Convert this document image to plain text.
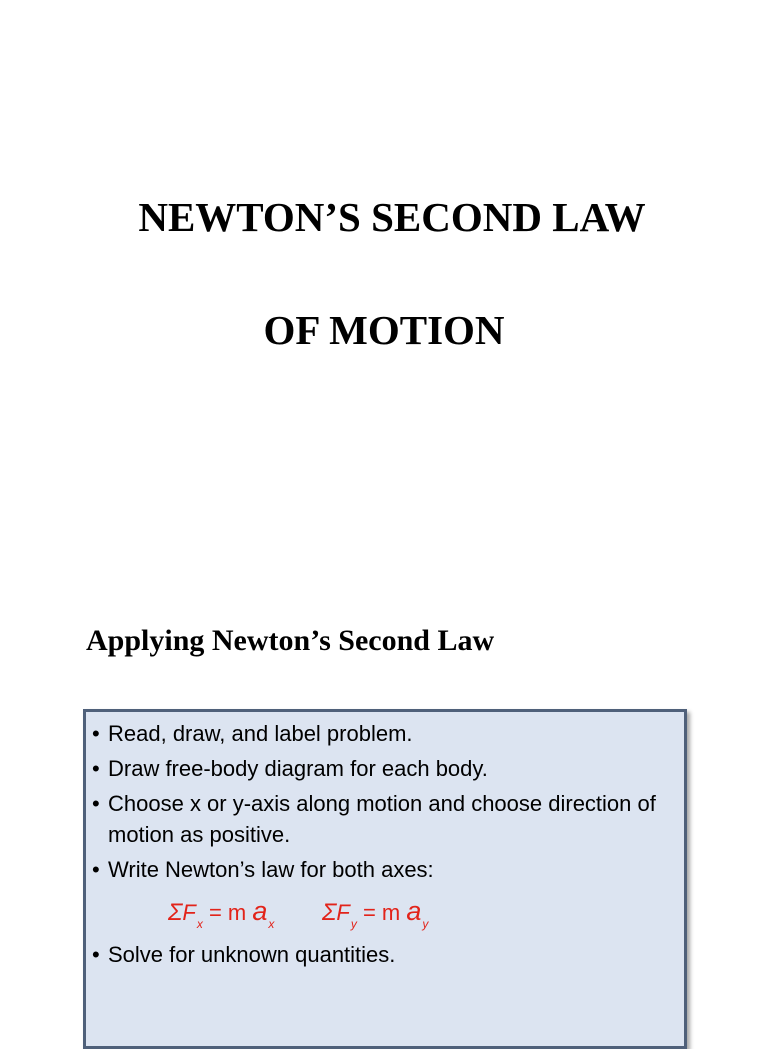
NEWTON’S SECOND LAW
OF MOTION
Applying Newton’s Second Law
• Read, draw, and label problem.
• Draw free-body diagram for each body.
• Choose x or y-axis along motion and choose direction of motion as positive.
• Write Newton’s law for both axes:
$\Sigma F_x = m$ $a_x$ $\Sigma F_y = m$ $a_y$
• Solve for unknown quantities.
